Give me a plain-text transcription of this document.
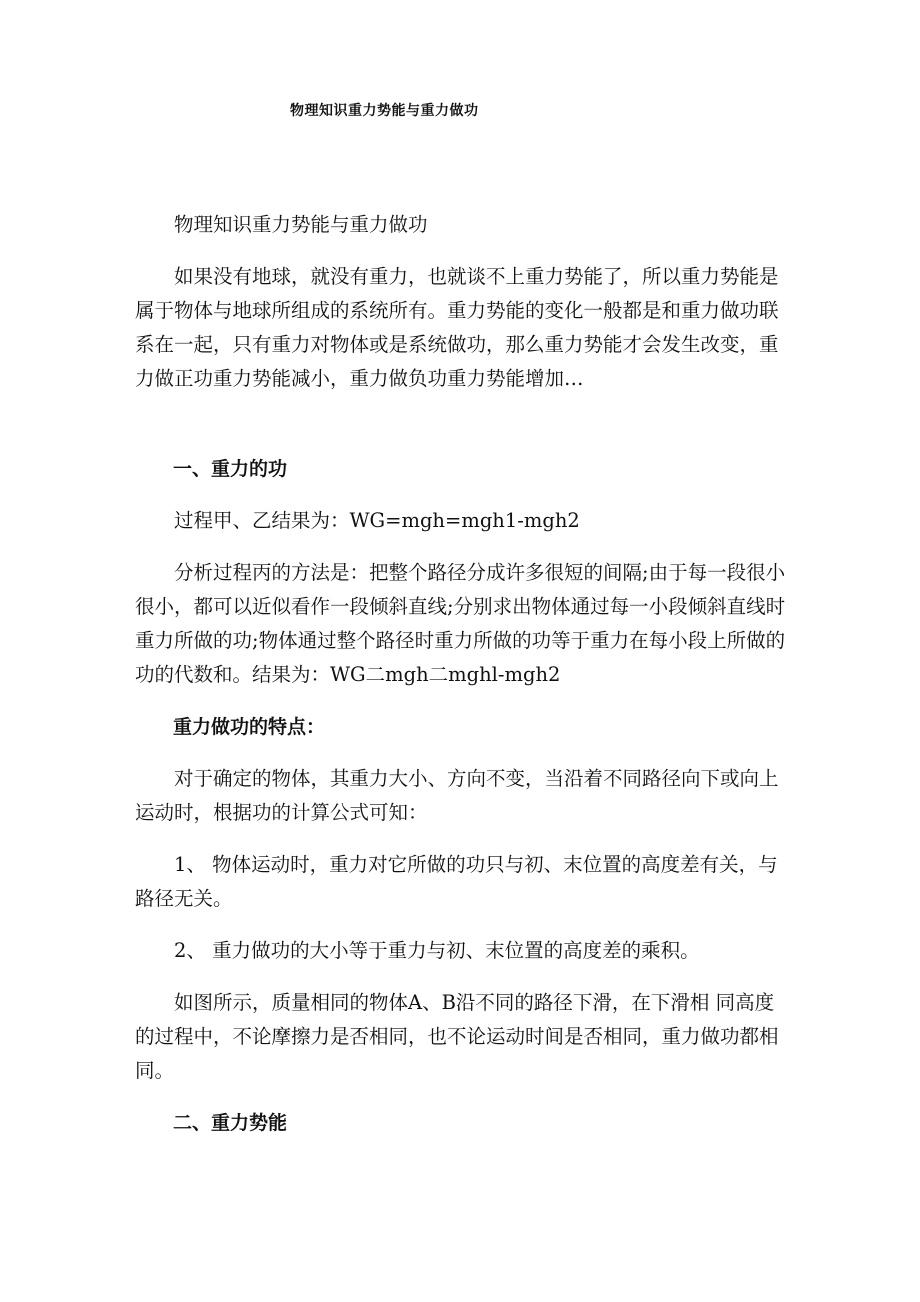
物理知识重力势能与重力做功

物理知识重力势能与重力做功

如果没有地球，就没有重力，也就谈不上重力势能了，所以重力势能是属于物体与地球所组成的系统所有。重力势能的变化一般都是和重力做功联系在一起，只有重力对物体或是系统做功，那么重力势能才会发生改变，重力做正功重力势能减小，重力做负功重力势能增加…

一、重力的功

过程甲、乙结果为：WG=mgh=mgh1-mgh2

分析过程丙的方法是：把整个路径分成许多很短的间隔;由于每一段很小很小，都可以近似看作一段倾斜直线;分别求出物体通过每一小段倾斜直线时重力所做的功;物体通过整个路径时重力所做的功等于重力在每小段上所做的功的代数和。结果为：WG二mgh二mghl-mgh2

重力做功的特点：

对于确定的物体，其重力大小、方向不变，当沿着不同路径向下或向上运动时，根据功的计算公式可知：

1、 物体运动时，重力对它所做的功只与初、末位置的高度差有关，与路径无关。

2、 重力做功的大小等于重力与初、末位置的高度差的乘积。

如图所示，质量相同的物体A、B沿不同的路径下滑，在下滑相 同高度的过程中，不论摩擦力是否相同，也不论运动时间是否相同，重力做功都相同。

二、重力势能
